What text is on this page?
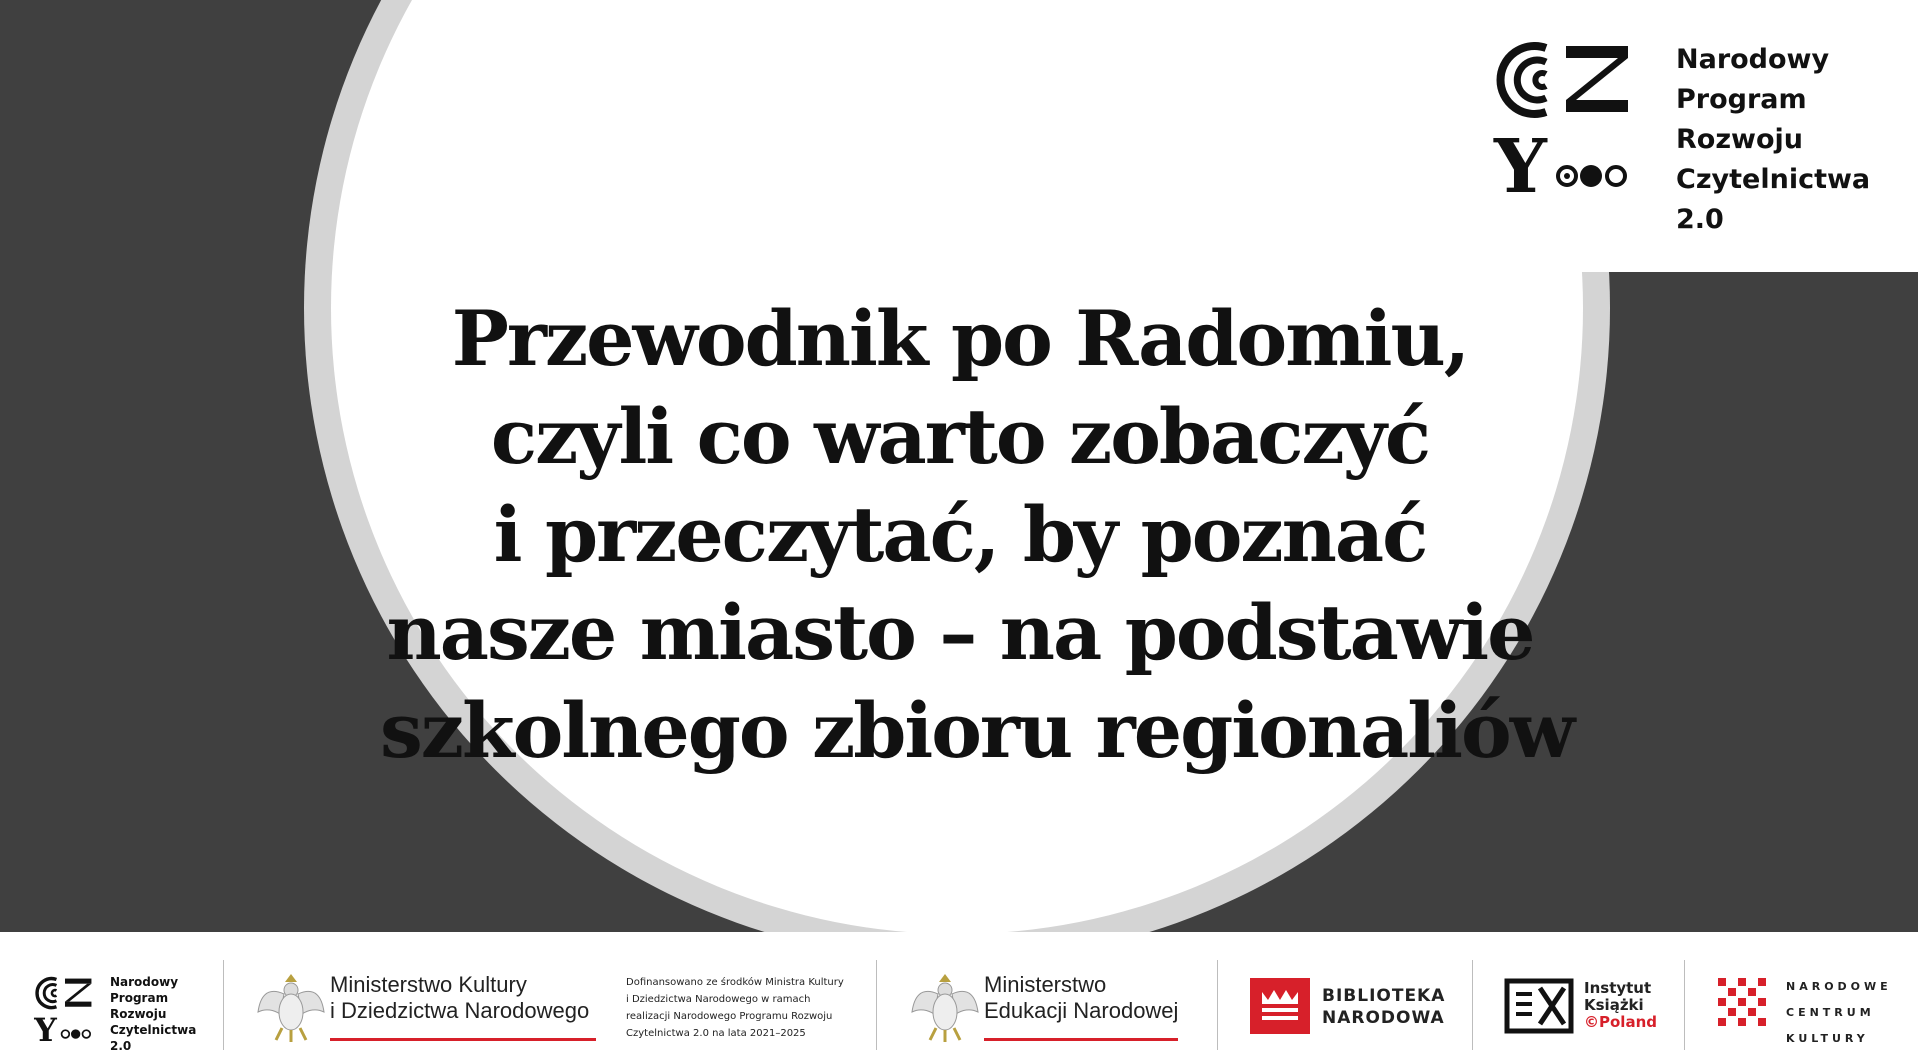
Przewodnik po Radomiu,
czyli co warto zobaczyć
i przeczytać, by poznać
nasze miasto – na podstawie
szkolnego zbioru regionaliów
Y
Narodowy
Program
Rozwoju
Czytelnictwa
2.0
Y
Narodowy
Program
Rozwoju
Czytelnictwa
2.0
Ministerstwo Kultury
i Dziedzictwa Narodowego
Dofinansowano ze środków Ministra Kultury
i Dziedzictwa Narodowego w ramach
realizacji Narodowego Programu Rozwoju
Czytelnictwa 2.0 na lata 2021–2025
Ministerstwo
Edukacji Narodowej
BIBLIOTEKA
NARODOWA
Instytut
Książki
©Poland
NARODOWE
CENTRUM
KULTURY
